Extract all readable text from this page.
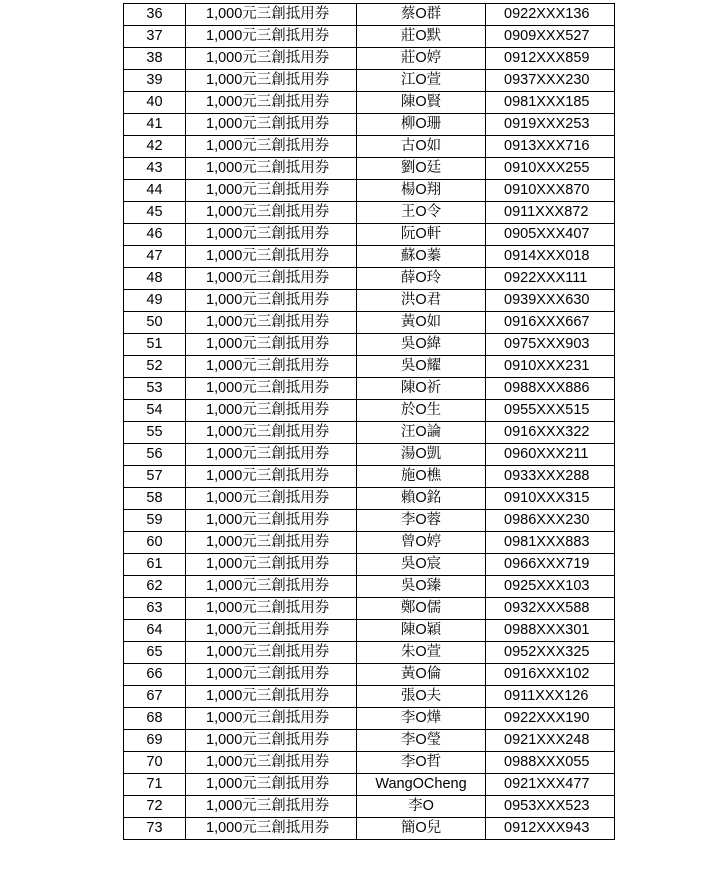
36	1,000元三創抵用券	蔡O群	0922XXX136
37	1,000元三創抵用券	莊O默	0909XXX527
38	1,000元三創抵用券	莊O婷	0912XXX859
39	1,000元三創抵用券	江O萱	0937XXX230
40	1,000元三創抵用券	陳O賢	0981XXX185
41	1,000元三創抵用券	柳O珊	0919XXX253
42	1,000元三創抵用券	古O如	0913XXX716
43	1,000元三創抵用券	劉O廷	0910XXX255
44	1,000元三創抵用券	楊O翔	0910XXX870
45	1,000元三創抵用券	王O令	0911XXX872
46	1,000元三創抵用券	阮O軒	0905XXX407
47	1,000元三創抵用券	蘇O蓁	0914XXX018
48	1,000元三創抵用券	薛O玲	0922XXX111
49	1,000元三創抵用券	洪O君	0939XXX630
50	1,000元三創抵用券	黃O如	0916XXX667
51	1,000元三創抵用券	吳O緯	0975XXX903
52	1,000元三創抵用券	吳O耀	0910XXX231
53	1,000元三創抵用券	陳O祈	0988XXX886
54	1,000元三創抵用券	於O生	0955XXX515
55	1,000元三創抵用券	汪O論	0916XXX322
56	1,000元三創抵用券	湯O凱	0960XXX211
57	1,000元三創抵用券	施O樵	0933XXX288
58	1,000元三創抵用券	賴O銘	0910XXX315
59	1,000元三創抵用券	李O蓉	0986XXX230
60	1,000元三創抵用券	曾O婷	0981XXX883
61	1,000元三創抵用券	吳O宸	0966XXX719
62	1,000元三創抵用券	吳O臻	0925XXX103
63	1,000元三創抵用券	鄭O儒	0932XXX588
64	1,000元三創抵用券	陳O穎	0988XXX301
65	1,000元三創抵用券	朱O萱	0952XXX325
66	1,000元三創抵用券	黃O倫	0916XXX102
67	1,000元三創抵用券	張O夫	0911XXX126
68	1,000元三創抵用券	李O燁	0922XXX190
69	1,000元三創抵用券	李O瑩	0921XXX248
70	1,000元三創抵用券	李O哲	0988XXX055
71	1,000元三創抵用券	WangOCheng	0921XXX477
72	1,000元三創抵用券	李O	0953XXX523
73	1,000元三創抵用券	簡O兒	0912XXX943
